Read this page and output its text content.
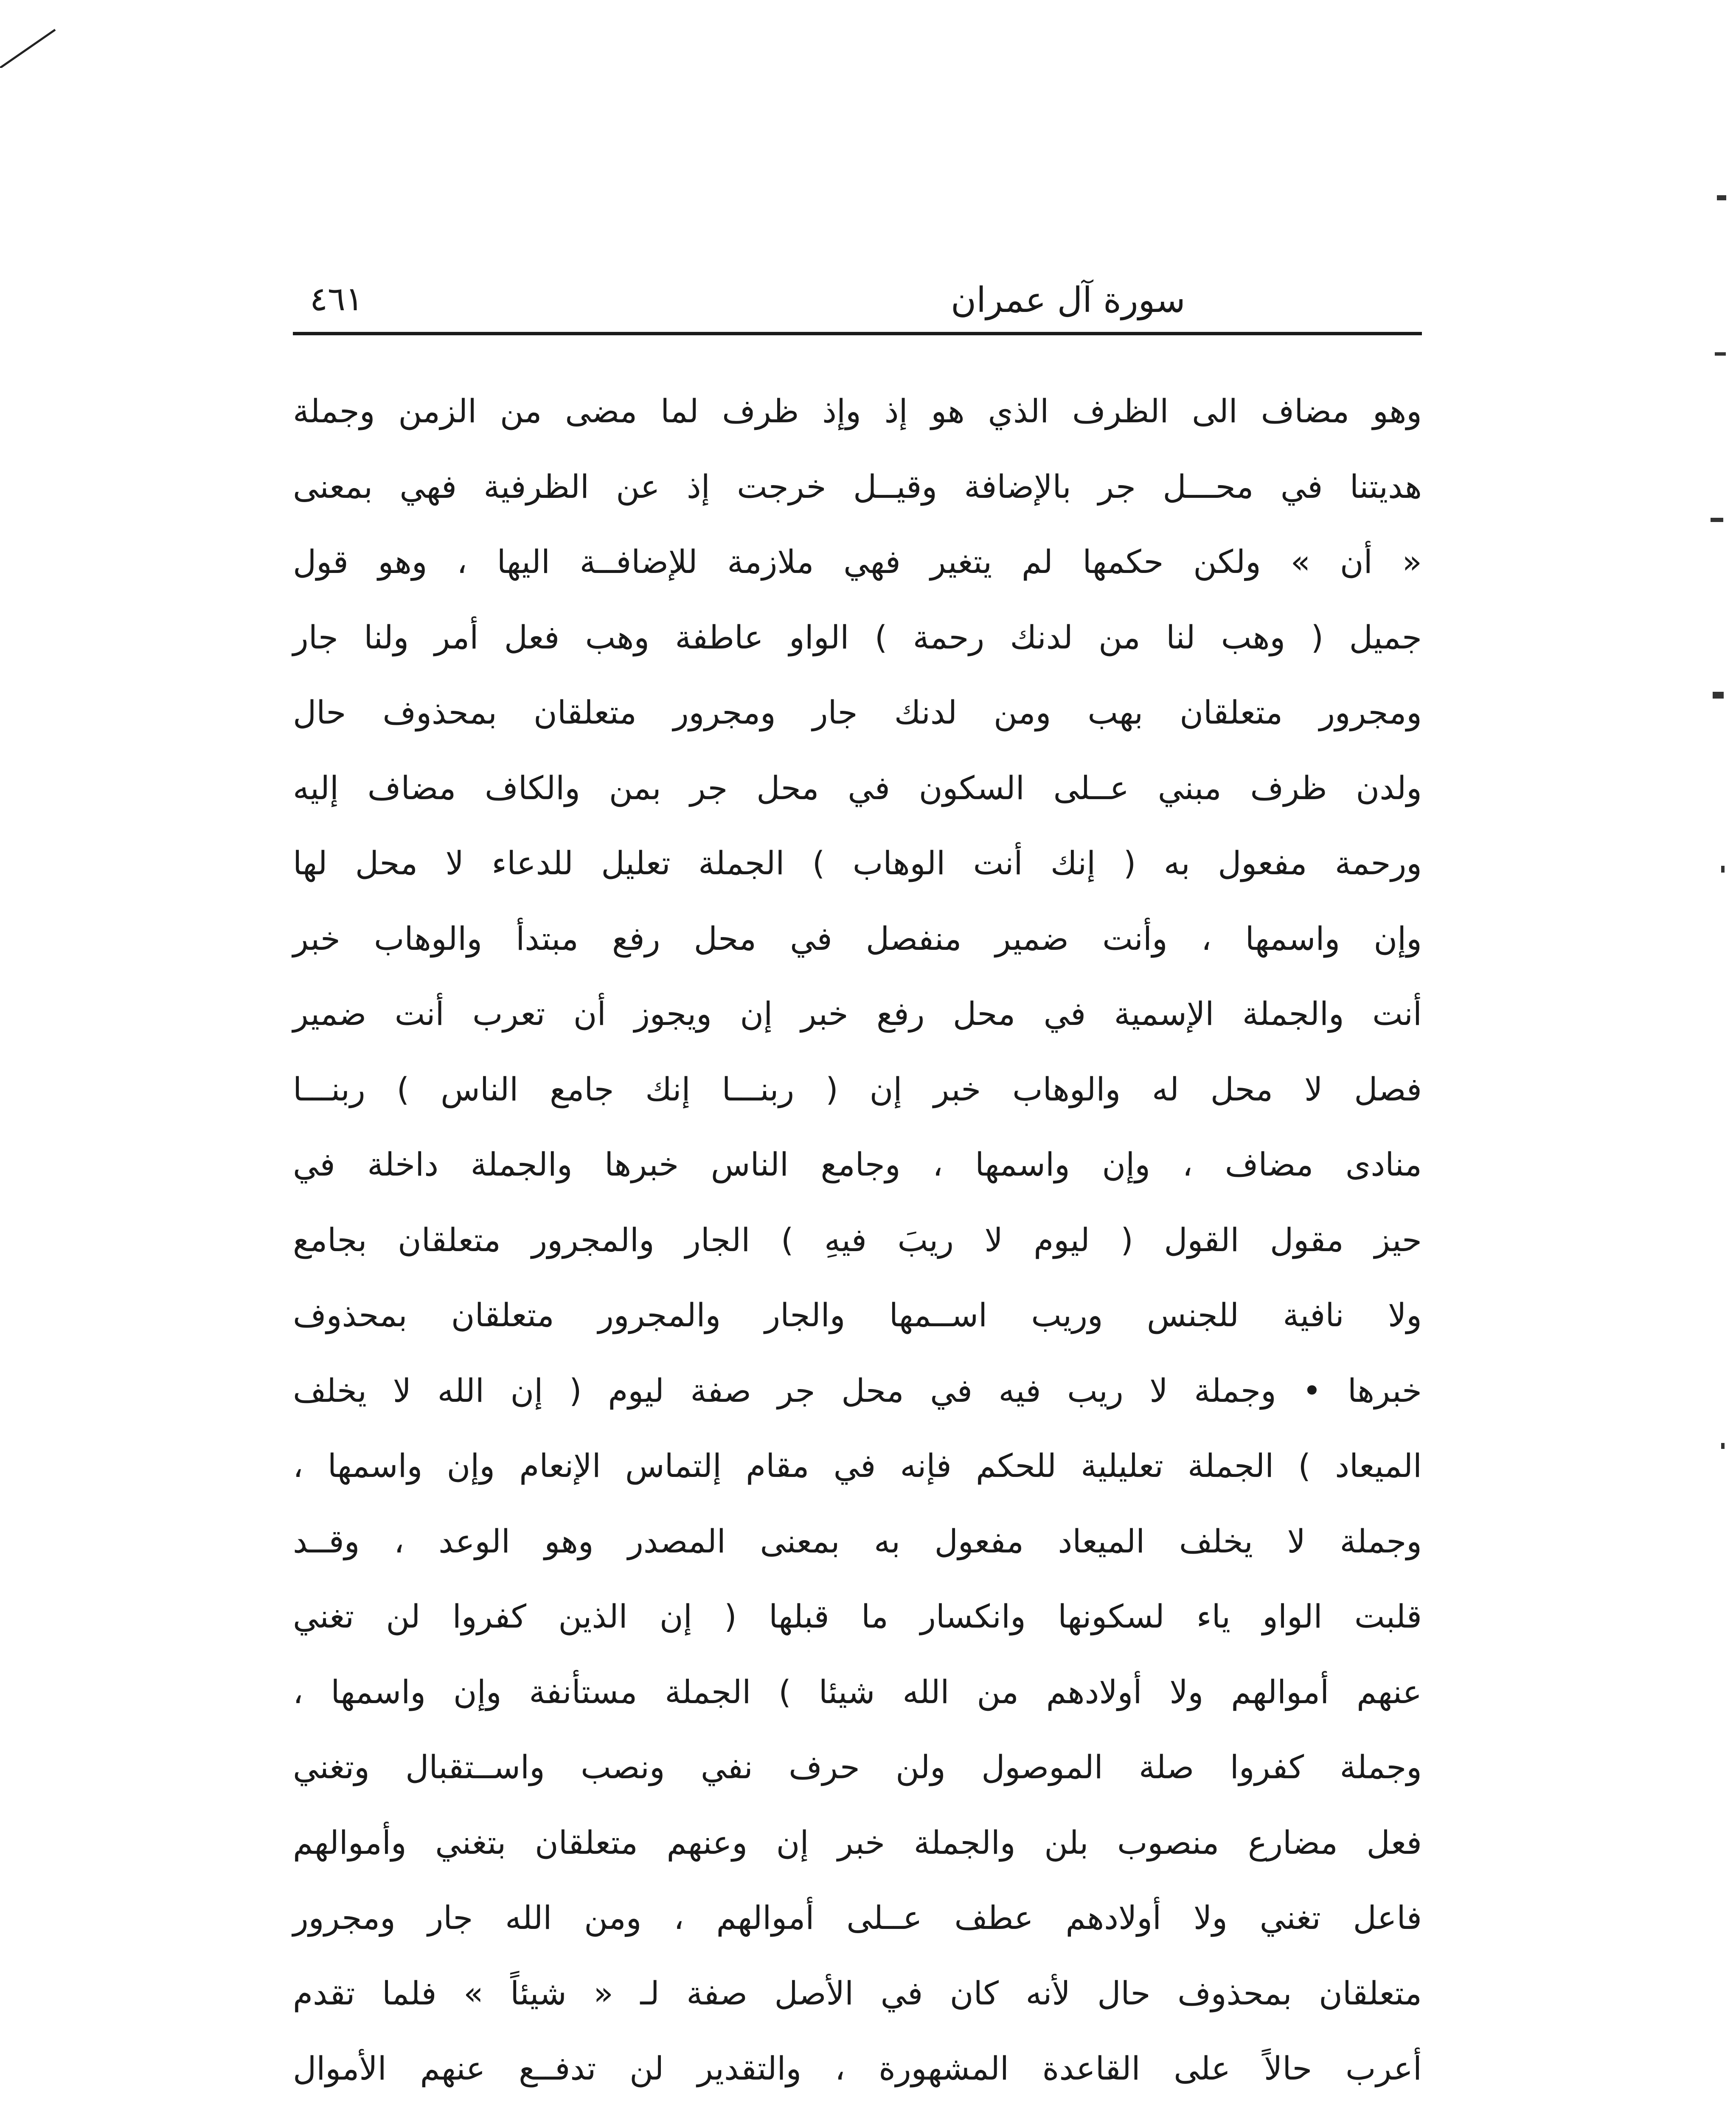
٤٦١	سورة آل عمران
وهو مضاف الى الظرف الذي هو إذ وإذ ظرف لما مضى من الزمن وجملة
هديتنا في محـــل جر بالإضافة وقيــل خرجت إذ عن الظرفية فهي بمعنى
« أن » ولكن حكمها لم يتغير فهي ملازمة للإضافــة اليها ، وهو قول
جميل ( وهب لنا من لدنك رحمة ) الواو عاطفة وهب فعل أمر ولنا جار
ومجرور متعلقان بهب ومن لدنك جار ومجرور متعلقان بمحذوف حال
ولدن ظرف مبني عــلى السكون في محل جر بمن والكاف مضاف إليه
ورحمة مفعول به ( إنك أنت الوهاب ) الجملة تعليل للدعاء لا محل لها
وإن واسمها ، وأنت ضمير منفصل في محل رفع مبتدأ والوهاب خبر
أنت والجملة الإسمية في محل رفع خبر إن ويجوز أن تعرب أنت ضمير
فصل لا محل له والوهاب خبر إن ( ربنـــا إنك جامع الناس ) ربنـــا
منادى مضاف ، وإن واسمها ، وجامع الناس خبرها والجملة داخلة في
حيز مقول القول ( ليوم لا ريبَ فيهِ ) الجار والمجرور متعلقان بجامع
ولا نافية للجنس وريب اســمها والجار والمجرور متعلقان بمحذوف
خبرها • وجملة لا ريب فيه في محل جر صفة ليوم ( إن الله لا يخلف
الميعاد ) الجملة تعليلية للحكم فإنه في مقام إلتماس الإنعام وإن واسمها ،
وجملة لا يخلف الميعاد مفعول به بمعنى المصدر وهو الوعد ، وقــد
قلبت الواو ياء لسكونها وانكسار ما قبلها ( إن الذين كفروا لن تغني
عنهم أموالهم ولا أولادهم من الله شيئا ) الجملة مستأنفة وإن واسمها ،
وجملة كفروا صلة الموصول ولن حرف نفي ونصب واســتقبال وتغني
فعل مضارع منصوب بلن والجملة خبر إن وعنهم متعلقان بتغني وأموالهم
فاعل تغني ولا أولادهم عطف عــلى أموالهم ، ومن الله جار ومجرور
متعلقان بمحذوف حال لأنه كان في الأصل صفة لـ « شيئاً » فلما تقدم
أعرب حالاً على القاعدة المشهورة ، والتقدير لن تدفــع عنهم الأموال
